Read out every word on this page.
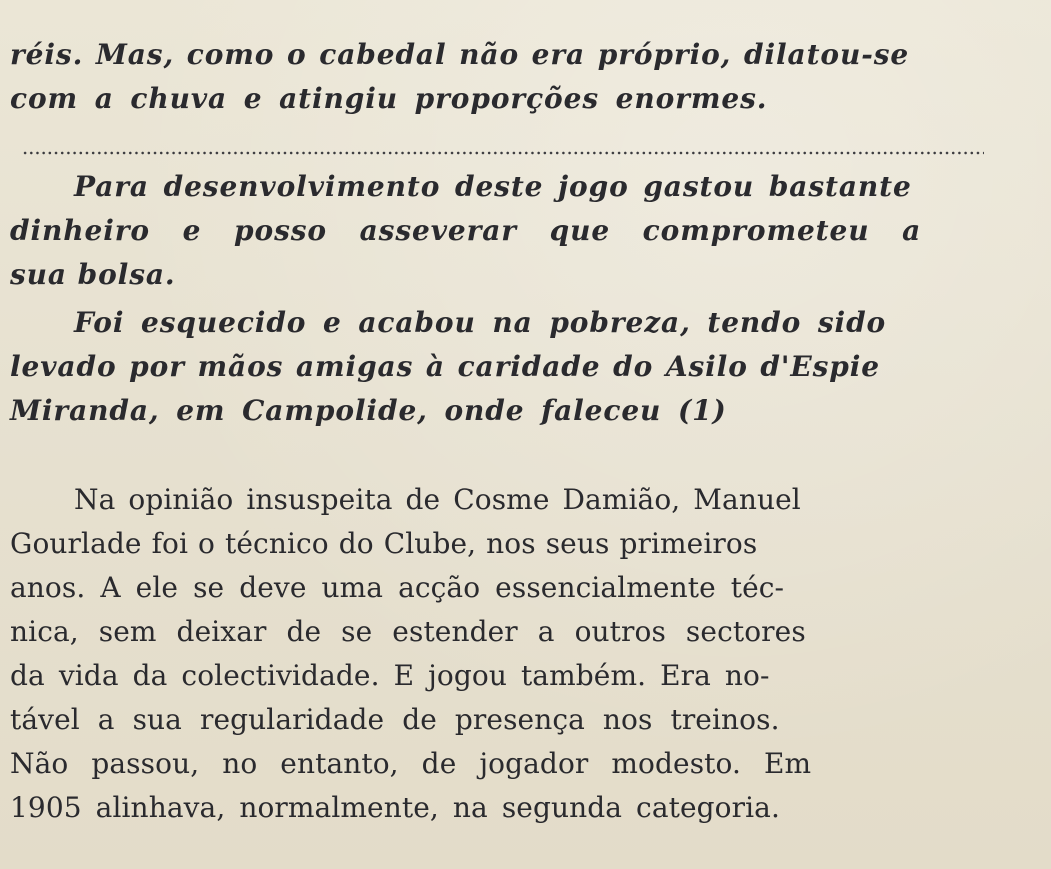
réis. Mas, como o cabedal não era próprio, dilatou-se
com a chuva e atingiu proporções enormes.
Para desenvolvimento deste jogo gastou bastante
dinheiro e posso asseverar que comprometeu a
sua bolsa.
Foi esquecido e acabou na pobreza, tendo sido
levado por mãos amigas à caridade do Asilo d'Espie
Miranda, em Campolide, onde faleceu (1)
Na opinião insuspeita de Cosme Damião, Manuel
Gourlade foi o técnico do Clube, nos seus primeiros
anos. A ele se deve uma acção essencialmente téc-
nica, sem deixar de se estender a outros sectores
da vida da colectividade. E jogou também. Era no-
tável a sua regularidade de presença nos treinos.
Não passou, no entanto, de jogador modesto. Em
1905 alinhava, normalmente, na segunda categoria.
